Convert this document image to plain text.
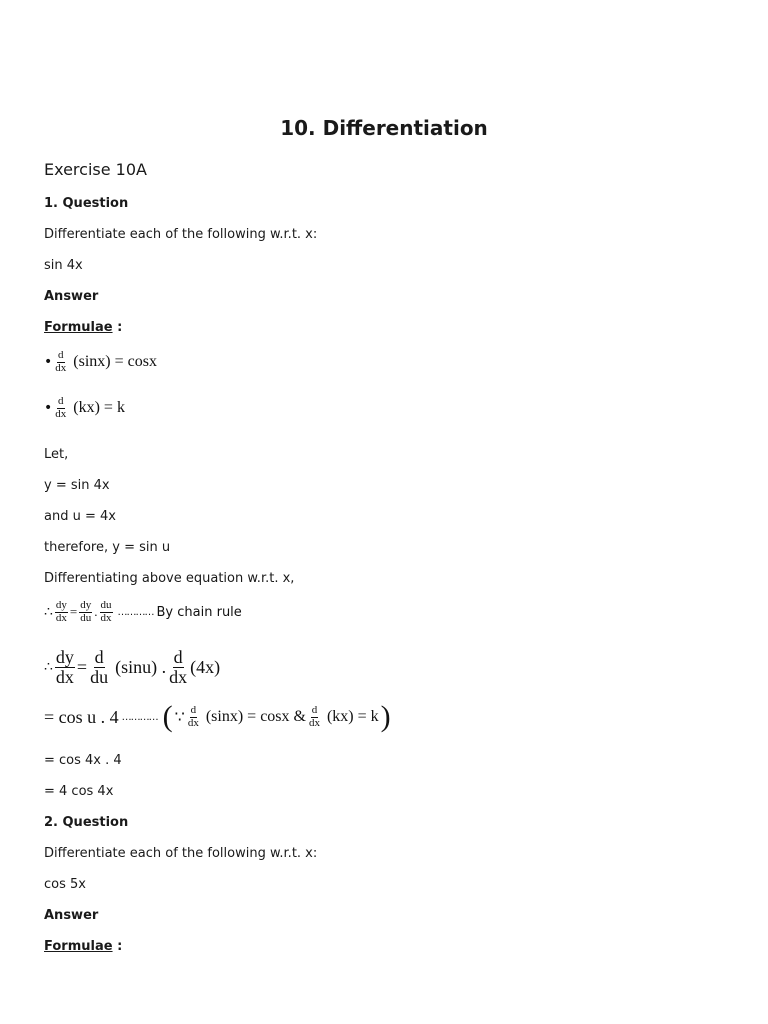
10. Differentiation
Exercise 10A
1. Question
Differentiate each of the following w.r.t. x:
sin 4x
Answer
Formulae :
• $\frac{d}{dx} (\sin x) = \cos x$
• $\frac{d}{dx} (kx) = k$
Let,
y = sin 4x
and u = 4x
therefore, y = sin u
Differentiating above equation w.r.t. x,
∴ $\frac{dy}{dx} = \frac{dy}{du}$ . $\frac{du}{dx}$ ………… By chain rule
∴ $\frac{dy}{dx} = \frac{d}{du} (\sin u)$ . $\frac{d}{dx} (4x)$
= cos u . 4 ………… ( ∵ $\frac{d}{dx} (\sin x) = \cos x$ & $\frac{d}{dx} (kx) = k$ )
= cos 4x . 4
= 4 cos 4x
2. Question
Differentiate each of the following w.r.t. x:
cos 5x
Answer
Formulae :
